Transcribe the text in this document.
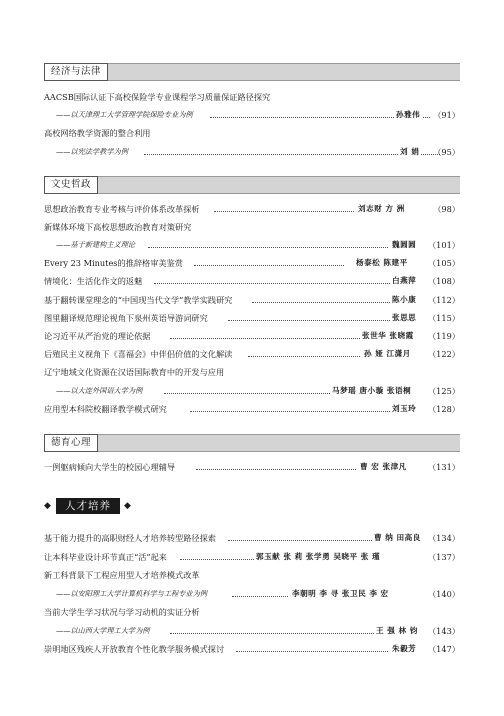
经济与法律
AACSB国际认证下高校保险学专业课程学习质量保证路径探究
——以天津理工大学管理学院保险专业为例	孙雅伟 （91）
高校网络教学资源的整合利用
——以宪法学教学为例	刘 娟 （95）
文史哲政
思想政治教育专业考核与评价体系改革探析	刘志财 方 洲	（98）
新媒体环境下高校思想政治教育对策研究
——基于新建构主义理论	魏圆圆 （101）
Every 23 Minutes的推辞格审美鉴赏	杨泰松 陈建平 （105）
情境化：生活化作文的返魅	白燕萍 （108）
基于翻转课堂理念的“中国现当代文学”教学实践研究	陈小康 （112）
图里翻译规范理论视角下泉州英语导游词研究	张思思 （115）
论习近平从严治党的理论依据	张世华 张晓霞 （119）
后殖民主义视角下《喜福会》中伴侣价值的文化解读	孙 娅 江潇月 （122）
辽宁地域文化资源在汉语国际教育中的开发与应用
——以大连外国语大学为例	马梦瑶 唐小璇 张语桐 （125）
应用型本科院校翻译教学模式研究	刘玉玲 （128）
德育心理
一例躯病倾向大学生的校园心理辅导	曹 宏 张津凡	（131）
◆	人才培养	◆
基于能力提升的高职财经人才培养转型路径探索	曹 纳 田高良 （134）
让本科毕业设计环节真正“活”起来	郭玉献 张 莉 张学勇 吴晓平 张 瑾	（137）
新工科背景下工程应用型人才培养模式改革
——以安阳理工大学计算机科学与工程专业为例	李朝明 李 寻 张卫民 李 宏	（140）
当前大学生学习状况与学习动机的实证分析
——以山西大学理工大学为例	王 强 林 钧 （143）
崇明地区残疾人开放教育个性化教学服务模式探讨	朱毅芳 （147）
